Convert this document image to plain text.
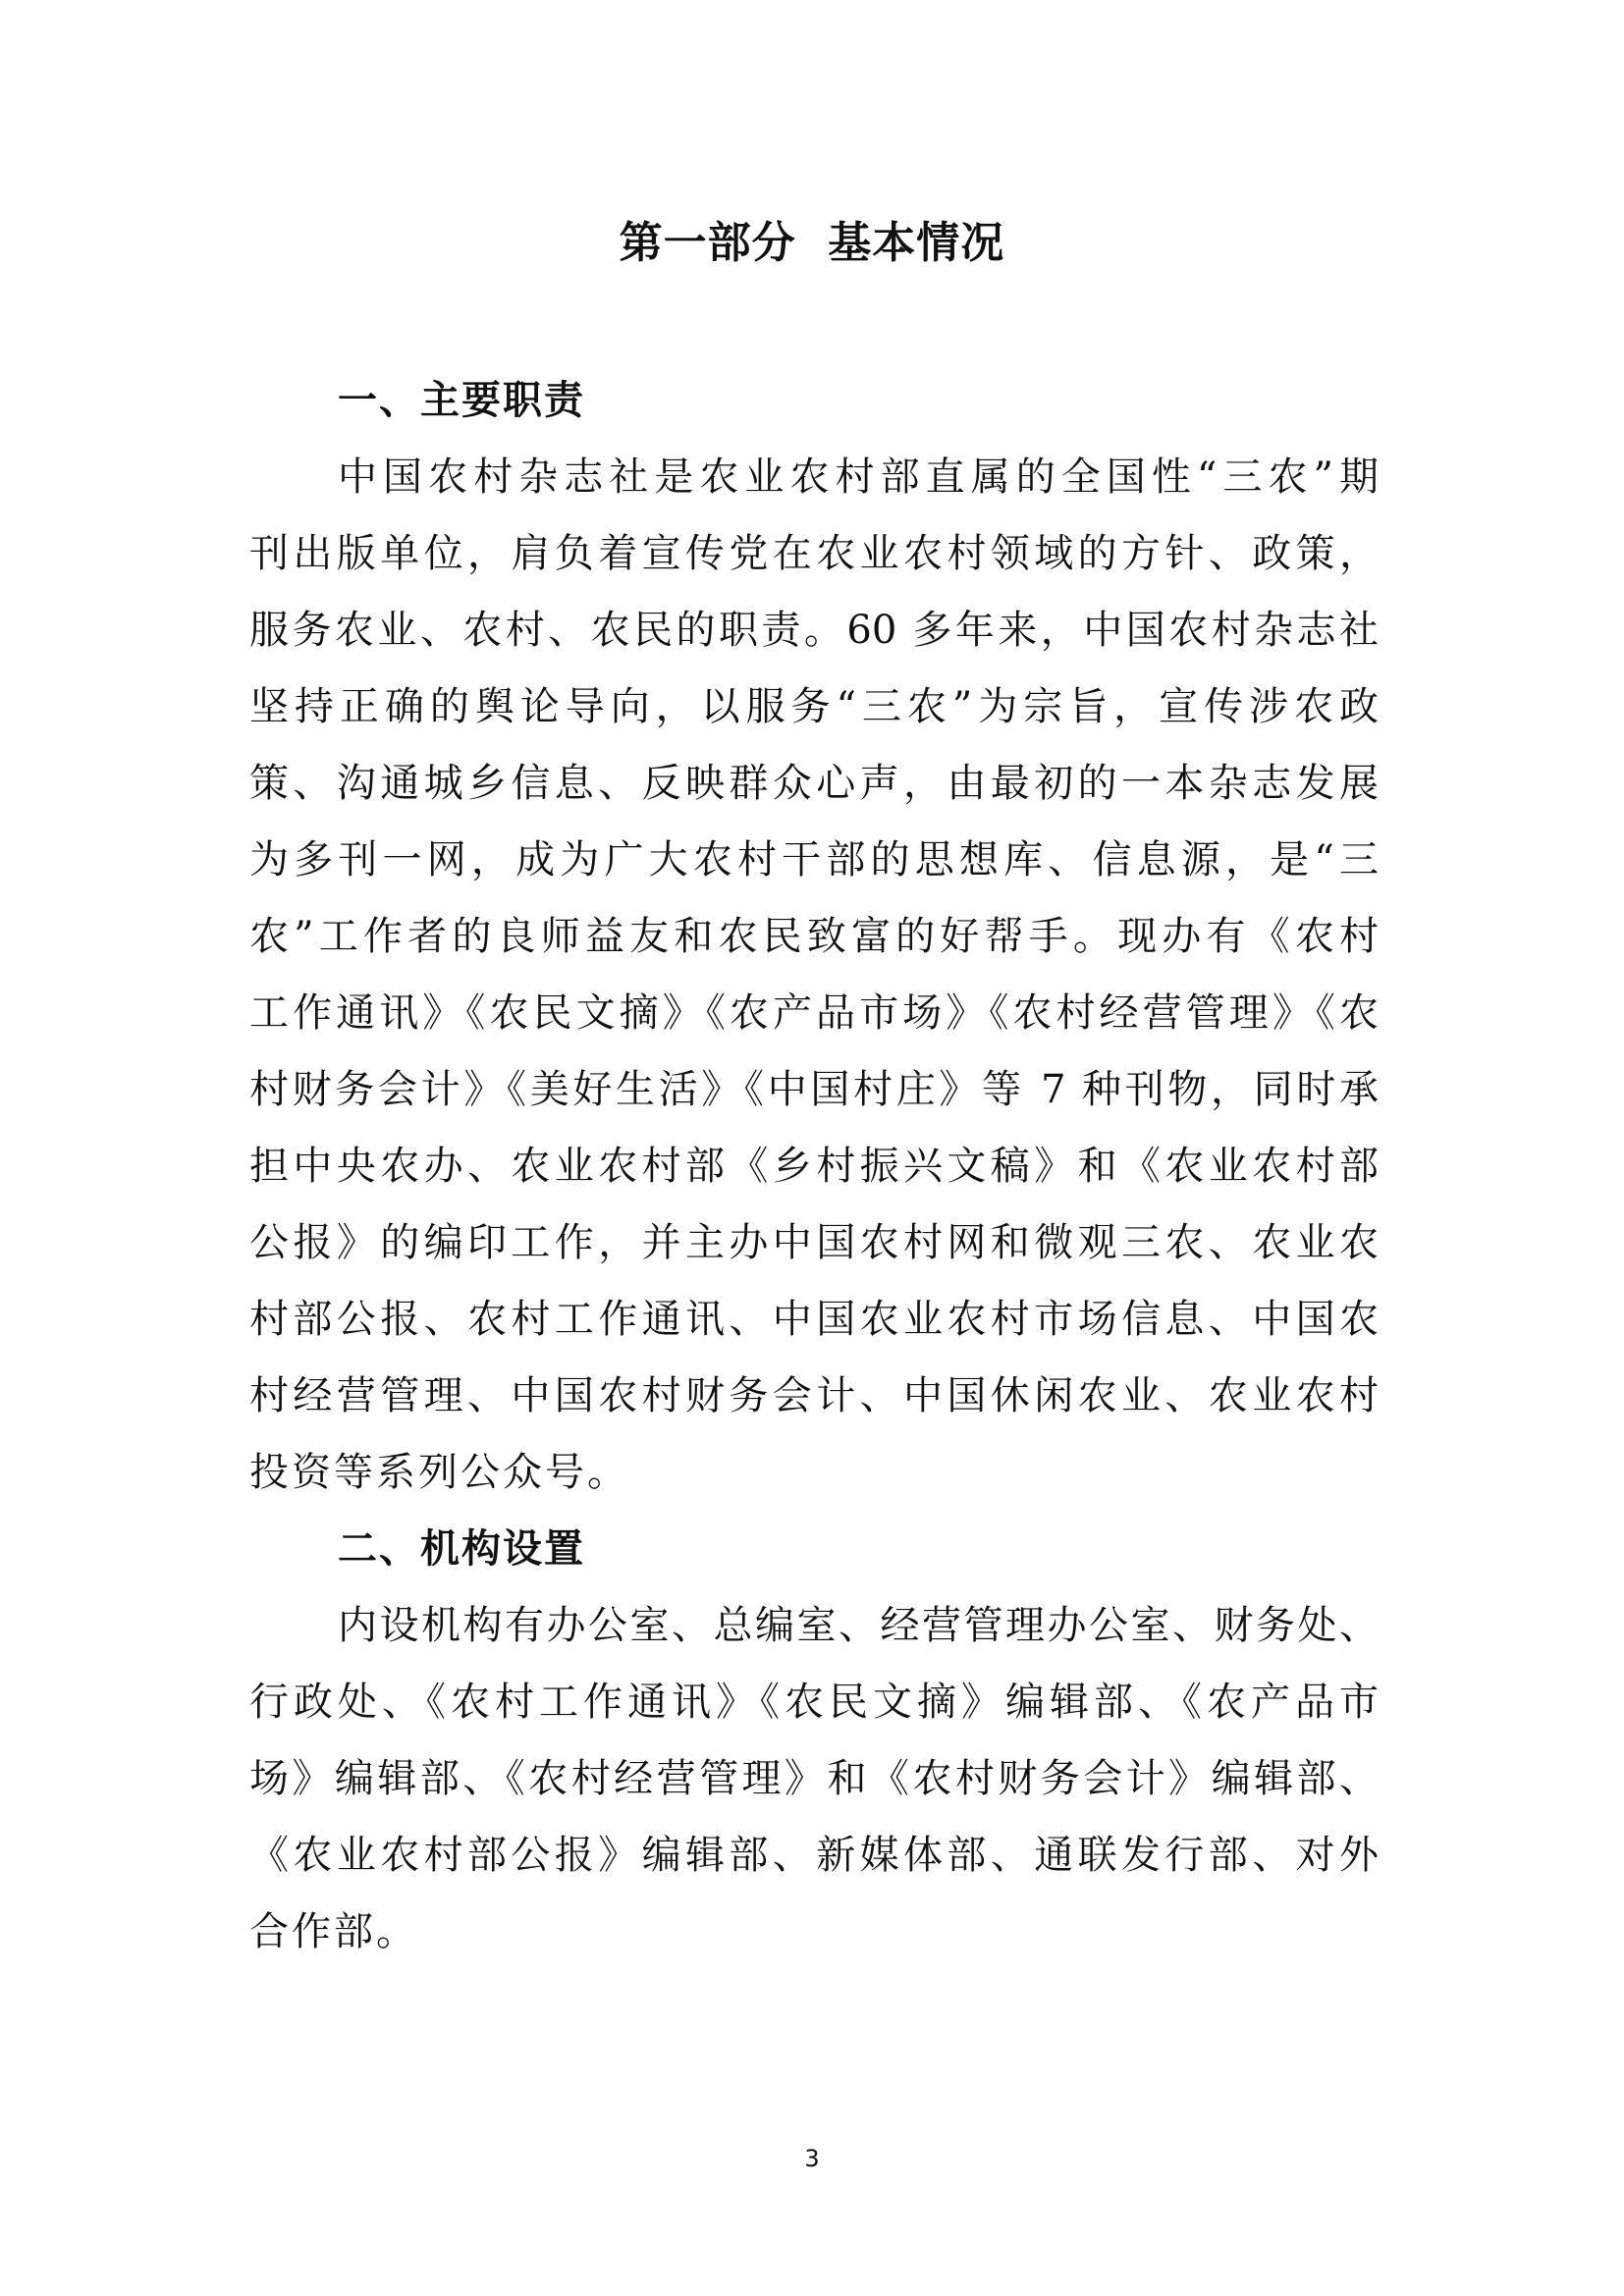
第一部分  基本情况
一、主要职责
中国农村杂志社是农业农村部直属的全国性“三农”期
刊出版单位，肩负着宣传党在农业农村领域的方针、政策，
服务农业、农村、农民的职责。60 多年来，中国农村杂志社
坚持正确的舆论导向，以服务“三农”为宗旨，宣传涉农政
策、沟通城乡信息、反映群众心声，由最初的一本杂志发展
为多刊一网，成为广大农村干部的思想库、信息源，是“三
农”工作者的良师益友和农民致富的好帮手。现办有《农村
工作通讯》《农民文摘》《农产品市场》《农村经营管理》《农
村财务会计》《美好生活》《中国村庄》等 7 种刊物，同时承
担中央农办、农业农村部《乡村振兴文稿》和《农业农村部
公报》的编印工作，并主办中国农村网和微观三农、农业农
村部公报、农村工作通讯、中国农业农村市场信息、中国农
村经营管理、中国农村财务会计、中国休闲农业、农业农村
投资等系列公众号。
二、机构设置
内设机构有办公室、总编室、经营管理办公室、财务处、
行政处、《农村工作通讯》《农民文摘》编辑部、《农产品市
场》编辑部、《农村经营管理》和《农村财务会计》编辑部、
《农业农村部公报》编辑部、新媒体部、通联发行部、对外
合作部。
3
